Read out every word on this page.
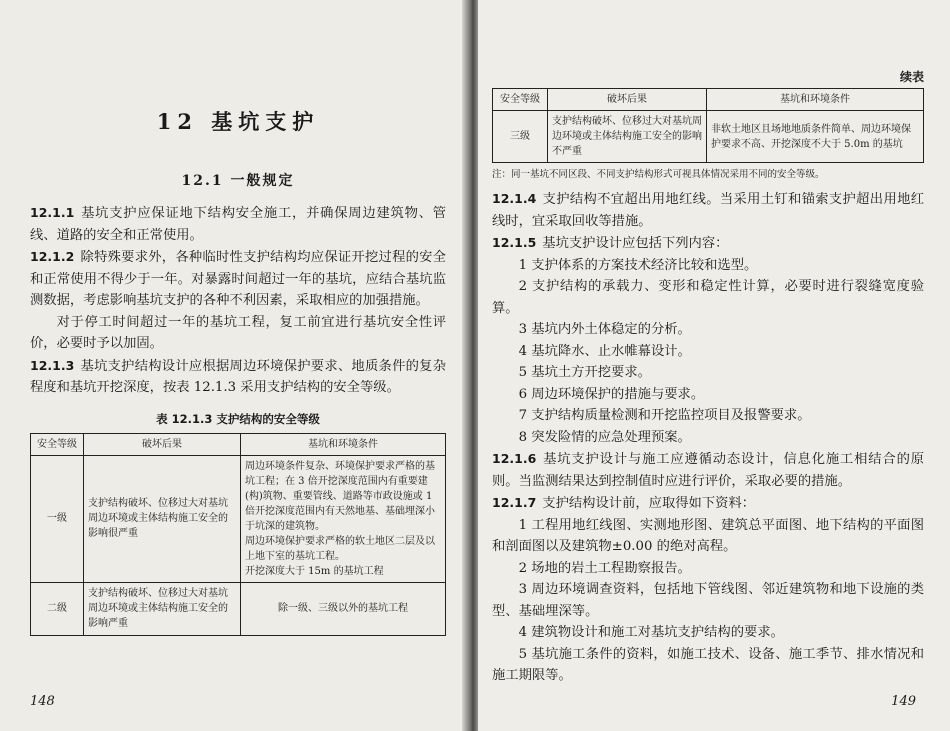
12 基坑支护
12.1 一般规定

12.1.1 基坑支护应保证地下结构安全施工，并确保周边建筑物、管线、道路的安全和正常使用。

12.1.2 除特殊要求外，各种临时性支护结构均应保证开挖过程的安全和正常使用不得少于一年。对暴露时间超过一年的基坑，应结合基坑监测数据，考虑影响基坑支护的各种不利因素，采取相应的加强措施。

对于停工时间超过一年的基坑工程，复工前宜进行基坑安全性评价，必要时予以加固。

12.1.3 基坑支护结构设计应根据周边环境保护要求、地质条件的复杂程度和基坑开挖深度，按表 12.1.3 采用支护结构的安全等级。

表 12.1.3 支护结构的安全等级
安全等级	破坏后果	基坑和环境条件
一级	支护结构破坏、位移过大对基坑周边环境或主体结构施工安全的影响很严重	周边环境条件复杂、环境保护要求严格的基坑工程；在 3 倍开挖深度范围内有重要建(构)筑物、重要管线、道路等市政设施或 1 倍开挖深度范围内有天然地基、基础埋深小于坑深的建筑物。
周边环境保护要求严格的软土地区二层及以上地下室的基坑工程。
开挖深度大于 15m 的基坑工程

二级	支护结构破坏、位移过大对基坑周边环境或主体结构施工安全的影响严重	除一级、三级以外的基坑工程
148
续表
安全等级	破坏后果	基坑和环境条件
三级	支护结构破坏、位移过大对基坑周边环境或主体结构施工安全的影响不严重	非软土地区且场地地质条件简单、周边环境保护要求不高、开挖深度不大于 5.0m 的基坑
注：同一基坑不同区段、不同支护结构形式可视具体情况采用不同的安全等级。

12.1.4 支护结构不宜超出用地红线。当采用土钉和锚索支护超出用地红线时，宜采取回收等措施。

12.1.5 基坑支护设计应包括下列内容：

1 支护体系的方案技术经济比较和选型。

2 支护结构的承载力、变形和稳定性计算，必要时进行裂缝宽度验算。

3 基坑内外土体稳定的分析。

4 基坑降水、止水帷幕设计。

5 基坑土方开挖要求。

6 周边环境保护的措施与要求。

7 支护结构质量检测和开挖监控项目及报警要求。

8 突发险情的应急处理预案。

12.1.6 基坑支护设计与施工应遵循动态设计，信息化施工相结合的原则。当监测结果达到控制值时应进行评价，采取必要的措施。

12.1.7 支护结构设计前，应取得如下资料：

1 工程用地红线图、实测地形图、建筑总平面图、地下结构的平面图和剖面图以及建筑物±0.00 的绝对高程。

2 场地的岩土工程勘察报告。

3 周边环境调查资料，包括地下管线图、邻近建筑物和地下设施的类型、基础埋深等。

4 建筑物设计和施工对基坑支护结构的要求。

5 基坑施工条件的资料，如施工技术、设备、施工季节、排水情况和施工期限等。

149
